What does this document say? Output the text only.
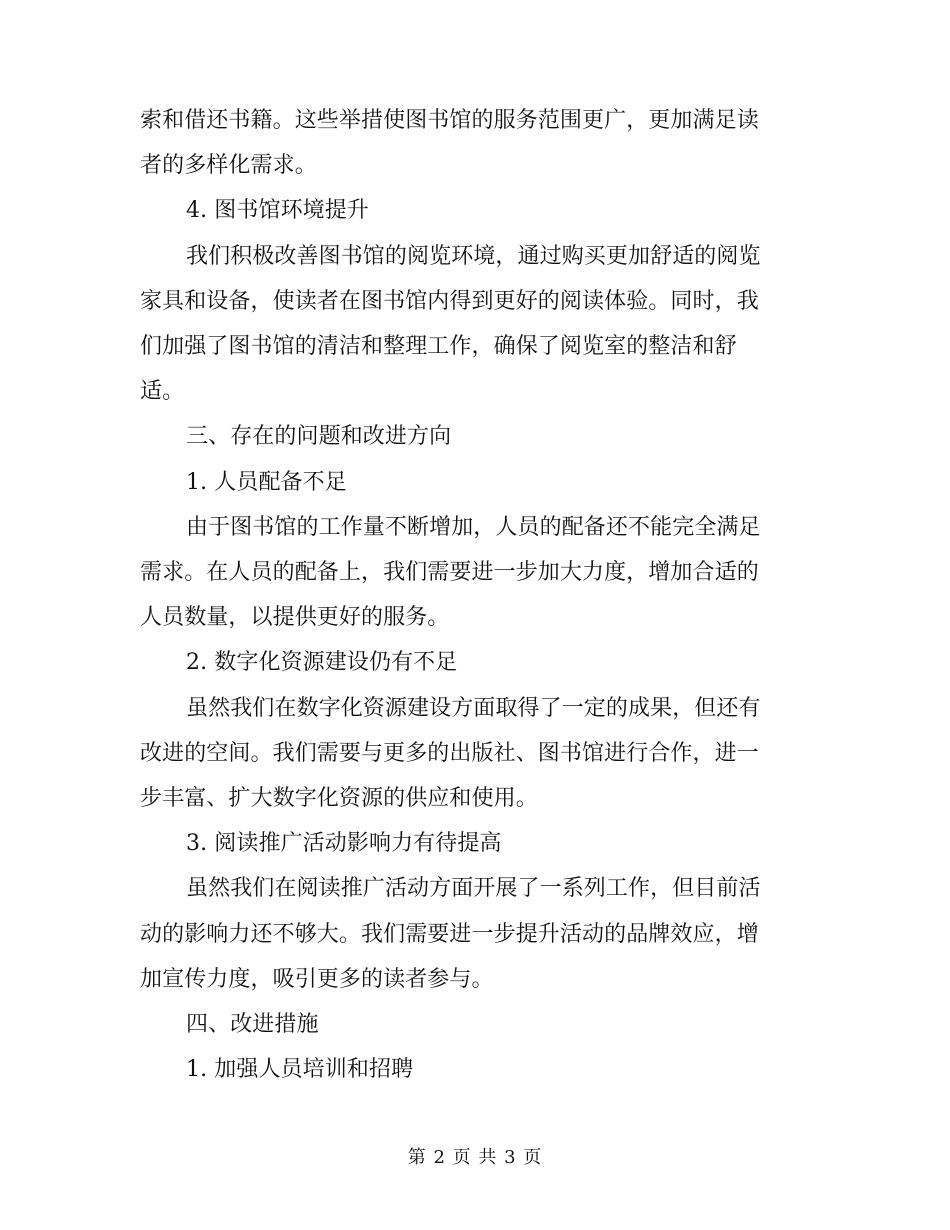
索和借还书籍。这些举措使图书馆的服务范围更广，更加满足读
者的多样化需求。
4. 图书馆环境提升
我们积极改善图书馆的阅览环境，通过购买更加舒适的阅览
家具和设备，使读者在图书馆内得到更好的阅读体验。同时，我
们加强了图书馆的清洁和整理工作，确保了阅览室的整洁和舒
适。
三、存在的问题和改进方向
1. 人员配备不足
由于图书馆的工作量不断增加，人员的配备还不能完全满足
需求。在人员的配备上，我们需要进一步加大力度，增加合适的
人员数量，以提供更好的服务。
2. 数字化资源建设仍有不足
虽然我们在数字化资源建设方面取得了一定的成果，但还有
改进的空间。我们需要与更多的出版社、图书馆进行合作，进一
步丰富、扩大数字化资源的供应和使用。
3. 阅读推广活动影响力有待提高
虽然我们在阅读推广活动方面开展了一系列工作，但目前活
动的影响力还不够大。我们需要进一步提升活动的品牌效应，增
加宣传力度，吸引更多的读者参与。
四、改进措施
1. 加强人员培训和招聘
第 2 页 共 3 页
